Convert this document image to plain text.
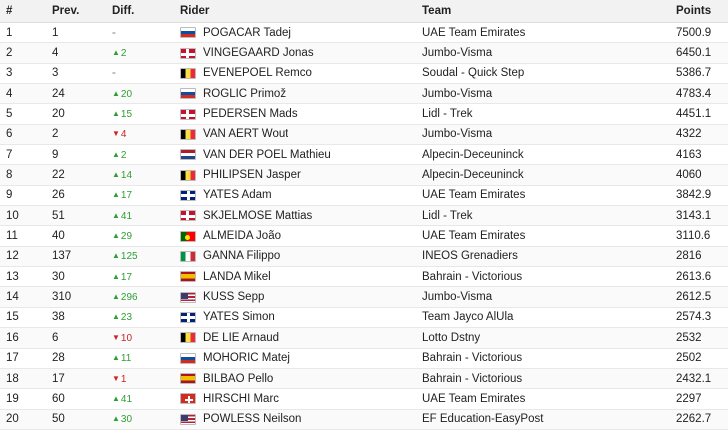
#	Prev.	Diff.	Rider	Team	Points
1	1	-	POGAČAR Tadej	UAE Team Emirates	7500.9
2	4	▲2	VINGEGAARD Jonas	Jumbo-Visma	6450.1
3	3	-	EVENEPOEL Remco	Soudal - Quick Step	5386.7
4	24	▲20	ROGLIČ Primož	Jumbo-Visma	4783.4
5	20	▲15	PEDERSEN Mads	Lidl - Trek	4451.1
6	2	▼4	VAN AERT Wout	Jumbo-Visma	4322
7	9	▲2	VAN DER POEL Mathieu	Alpecin-Deceuninck	4163
8	22	▲14	PHILIPSEN Jasper	Alpecin-Deceuninck	4060
9	26	▲17	YATES Adam	UAE Team Emirates	3842.9
10	51	▲41	SKJELMOSE Mattias	Lidl - Trek	3143.1
11	40	▲29	ALMEIDA João	UAE Team Emirates	3110.6
12	137	▲125	GANNA Filippo	INEOS Grenadiers	2816
13	30	▲17	LANDA Mikel	Bahrain - Victorious	2613.6
14	310	▲296	KUSS Sepp	Jumbo-Visma	2612.5
15	38	▲23	YATES Simon	Team Jayco AlUla	2574.3
16	6	▼10	DE LIE Arnaud	Lotto Dstny	2532
17	28	▲11	MOHORIČ Matej	Bahrain - Victorious	2502
18	17	▼1	BILBAO Pello	Bahrain - Victorious	2432.1
19	60	▲41	HIRSCHI Marc	UAE Team Emirates	2297
20	50	▲30	POWLESS Neilson	EF Education-EasyPost	2262.7
